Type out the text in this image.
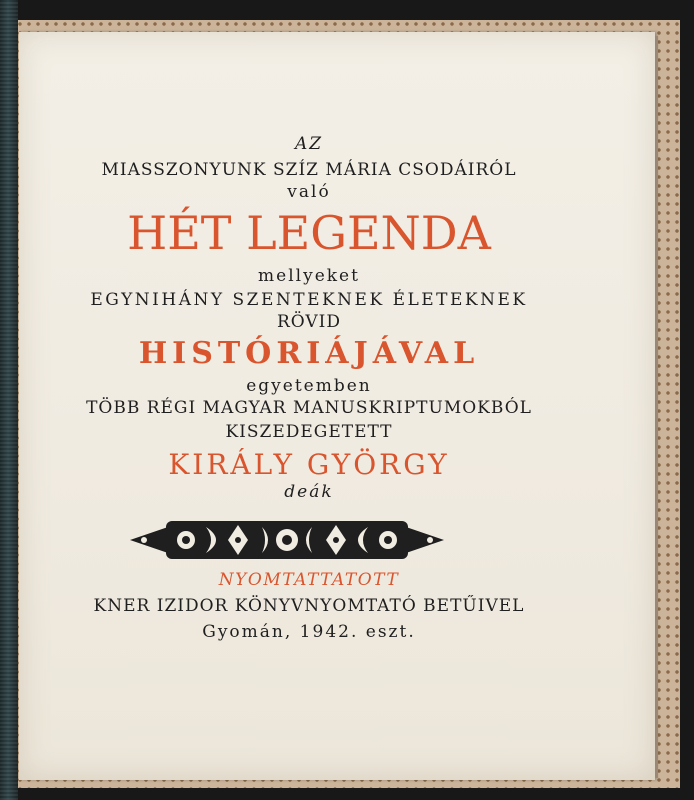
AZ
MIASSZONYUNK SZÍZ MÁRIA CSODÁIRÓL
való
HÉT LEGENDA
mellyeket
EGYNIHÁNY SZENTEKNEK ÉLETEKNEK
RÖVID
HISTÓRIÁJÁVAL
egyetemben
TÖBB RÉGI MAGYAR MANUSKRIPTUMOKBÓL
KISZEDEGETETT
KIRÁLY GYÖRGY
deák
NYOMTATTATOTT
KNER IZIDOR KÖNYVNYOMTATÓ BETŰIVEL
Gyomán, 1942. eszt.
